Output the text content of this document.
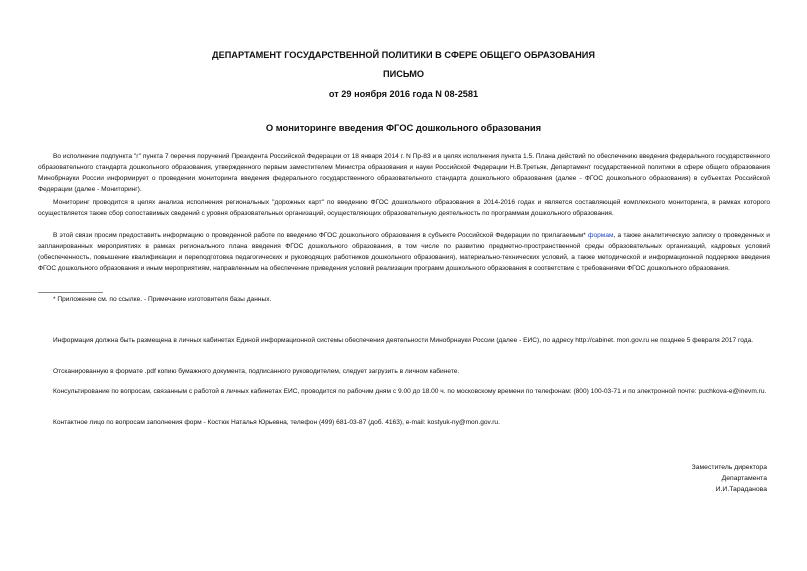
ДЕПАРТАМЕНТ ГОСУДАРСТВЕННОЙ ПОЛИТИКИ В СФЕРЕ ОБЩЕГО ОБРАЗОВАНИЯ
ПИСЬМО
от 29 ноября 2016 года N 08-2581
О мониторинге введения ФГОС дошкольного образования

Во исполнение подпункта "г" пункта 7 перечня поручений Президента Российской Федерации от 18 января 2014 г. N Пр-83 и в целях исполнения пункта 1.5. Плана действий по обеспечению введения федерального государственного образовательного стандарта дошкольного образования, утвержденного первым заместителем Министра образования и науки Российской Федерации Н.В.Третьяк, Департамент государственной политики в сфере общего образования Минобрнауки России информирует о проведении мониторинга введения федерального государственного образовательного стандарта дошкольного образования (далее - ФГОС дошкольного образования) в субъектах Российской Федерации (далее - Мониторинг).

Мониторинг проводится в целях анализа исполнения региональных "дорожных карт" по введению ФГОС дошкольного образования в 2014-2016 годах и является составляющей комплексного мониторинга, в рамках которого осуществляется также сбор сопоставимых сведений с уровня образовательных организаций, осуществляющих образовательную деятельность по программам дошкольного образования.

В этой связи просим предоставить информацию о проведенной работе по введению ФГОС дошкольного образования в субъекте Российской Федерации по прилагаемым* формам, а также аналитическую записку о проведенных и запланированных мероприятиях в рамках регионального плана введения ФГОС дошкольного образования, в том числе по развитию предметно-пространственной среды образовательных организаций, кадровых условий (обеспеченность, повышение квалификации и переподготовка педагогических и руководящих работников дошкольного образования), материально-технических условий, а также методической и информационной поддержке введения ФГОС дошкольного образования и иным мероприятиям, направленным на обеспечение приведения условий реализации программ дошкольного образования в соответствие с требованиями ФГОС дошкольного образования.

* Приложение см. по ссылке. - Примечание изготовителя базы данных.

Информация должна быть размещена в личных кабинетах Единой информационной системы обеспечения деятельности Минобрнауки России (далее - ЕИС), по адресу http://cabinet. mon.gov.ru не позднее 5 февраля 2017 года.

Отсканированную в формате .pdf копию бумажного документа, подписанного руководителем, следует загрузить в личном кабинете.

Консультирование по вопросам, связанным с работой в личных кабинетах ЕИС, проводится по рабочим дням с 9.00 до 18.00 ч. по московскому времени по телефонам: (800) 100-03-71 и по электронной почте: puchkova-e@inevm.ru.

Контактное лицо по вопросам заполнения форм - Костюк Наталья Юрьевна, телефон (499) 681-03-87 (доб. 4163), e-mail: kostyuk-ny@mon.gov.ru.

Заместитель директора
Департамента
И.И.Тараданова
